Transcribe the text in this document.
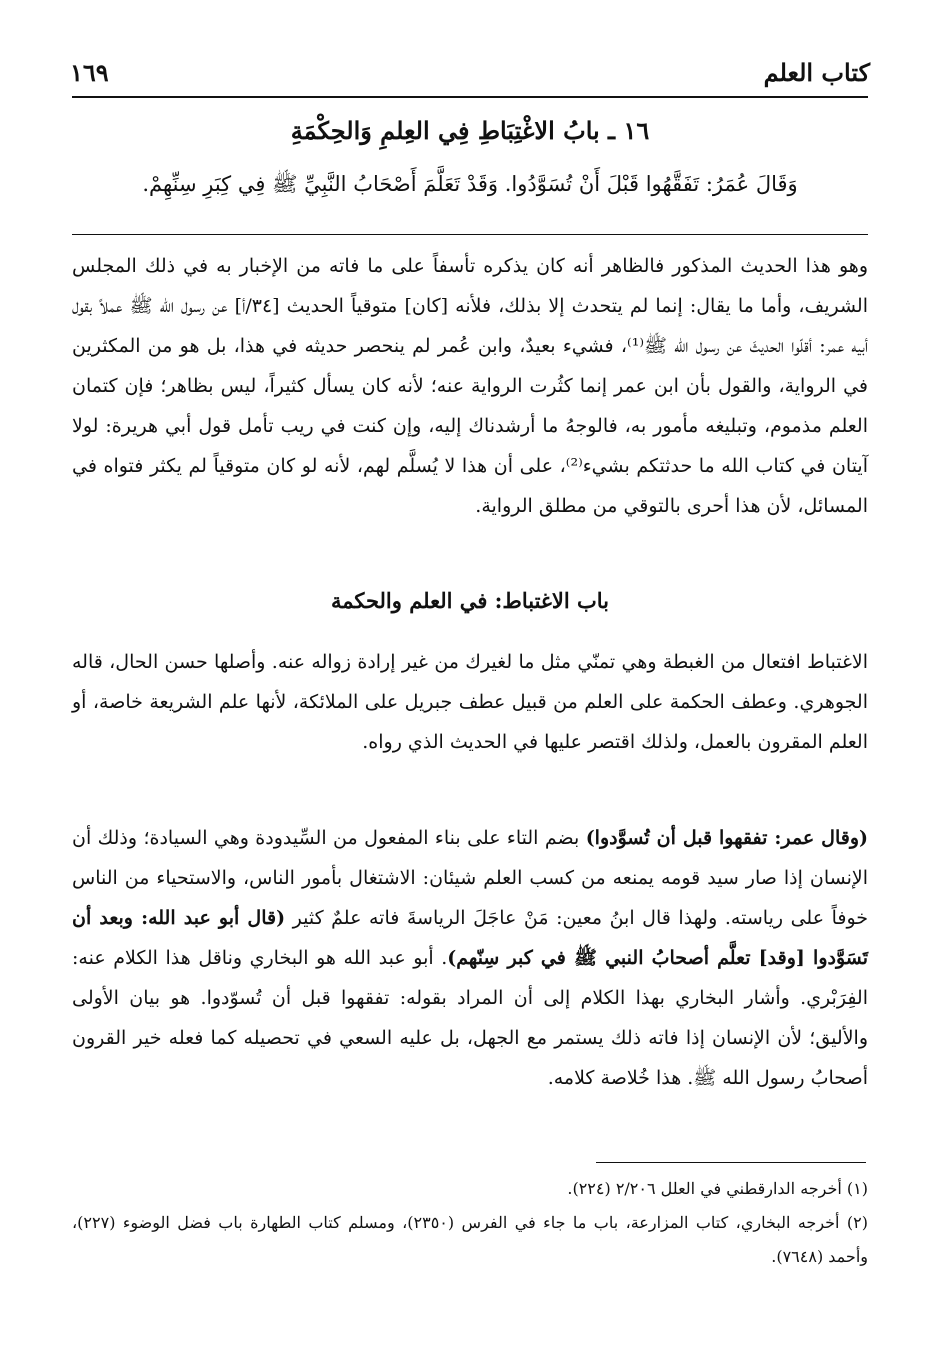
كتاب العلم
١٦٩
١٦ ـ بابُ الاغْتِبَاطِ فِي العِلمِ وَالحِكْمَةِ
وَقَالَ عُمَرُ: تَفَقَّهُوا قَبْلَ أَنْ تُسَوَّدُوا. وَقَدْ تَعَلَّمَ أَصْحَابُ النَّبِيِّ ﷺ فِي كِبَرِ سِنِّهِمْ.

وهو هذا الحديث المذكور فالظاهر أنه كان يذكره تأسفاً على ما فاته من الإخبار به في ذلك المجلس الشريف، وأما ما يقال: إنما لم يتحدث إلا بذلك، فلأنه [كان] متوقياً الحديث [٣٤/أ] عن رسول الله ﷺ عملاً بقول أبيه عمر: أقلّوا الحديثَ عن رسول الله ﷺ⁽¹⁾، فشيء بعيدٌ، وابن عُمر لم ينحصر حديثه في هذا، بل هو من المكثرين في الرواية، والقول بأن ابن عمر إنما كثُرت الرواية عنه؛ لأنه كان يسأل كثيراً، ليس بظاهر؛ فإن كتمان العلم مذموم، وتبليغه مأمور به، فالوجهُ ما أرشدناك إليه، وإن كنت في ريب تأمل قول أبي هريرة: لولا آيتان في كتاب الله ما حدثتكم بشيء⁽²⁾، على أن هذا لا يُسلَّم لهم، لأنه لو كان متوقياً لم يكثر فتواه في المسائل، لأن هذا أحرى بالتوقي من مطلق الرواية.

باب الاغتباط: في العلم والحكمة

الاغتباط افتعال من الغبطة وهي تمنّي مثل ما لغيرك من غير إرادة زواله عنه. وأصلها حسن الحال، قاله الجوهري. وعطف الحكمة على العلم من قبيل عطف جبريل على الملائكة، لأنها علم الشريعة خاصة، أو العلم المقرون بالعمل، ولذلك اقتصر عليها في الحديث الذي رواه.

(وقال عمر: تفقهوا قبل أن تُسوَّدوا) بضم التاء على بناء المفعول من السِّيدودة وهي السيادة؛ وذلك أن الإنسان إذا صار سيد قومه يمنعه من كسب العلم شيئان: الاشتغال بأمور الناس، والاستحياء من الناس خوفاً على رياسته. ولهذا قال ابنُ معين: مَنْ عاجَلَ الرياسةَ فاته علمٌ كثير (قال أبو عبد الله: وبعد أن تَسَوَّدوا [وقد] تعلَّم أصحابُ النبي ﷺ في كبر سِنّهم). أبو عبد الله هو البخاري وناقل هذا الكلام عنه: الفِرَبْري. وأشار البخاري بهذا الكلام إلى أن المراد بقوله: تفقهوا قبل أن تُسوّدوا. هو بيان الأولى والأليق؛ لأن الإنسان إذا فاته ذلك يستمر مع الجهل، بل عليه السعي في تحصيله كما فعله خير القرون أصحابُ رسول الله ﷺ. هذا خُلاصة كلامه.

(١) أخرجه الدارقطني في العلل ٢/٢٠٦ (٢٢٤).

(٢) أخرجه البخاري، كتاب المزارعة، باب ما جاء في الفرس (٢٣٥٠)، ومسلم كتاب الطهارة باب فضل الوضوء (٢٢٧)، وأحمد (٧٦٤٨).
